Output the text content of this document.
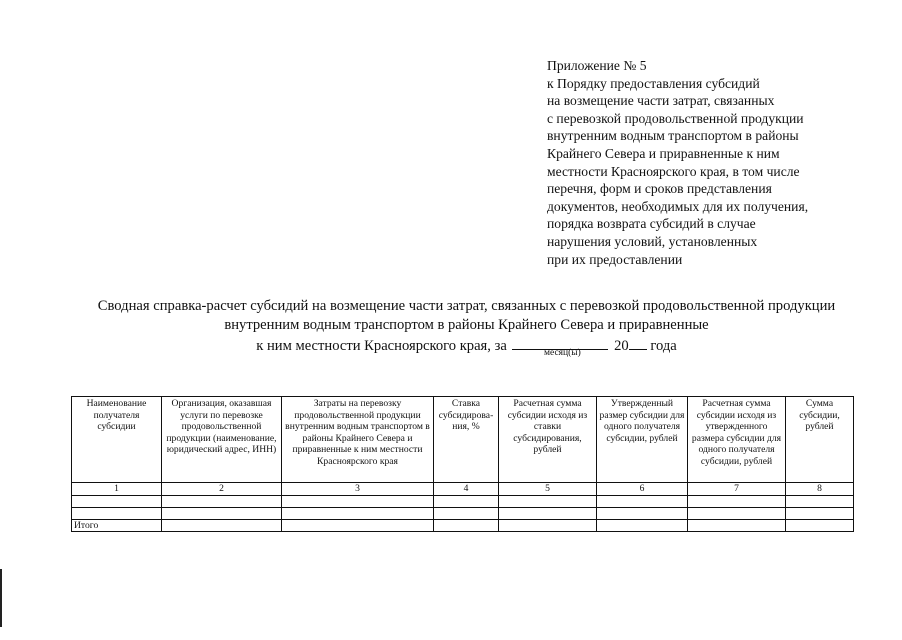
Приложение № 5
к Порядку предоставления субсидий
на возмещение части затрат, связанных
с перевозкой продовольственной продукции
внутренним водным транспортом в районы
Крайнего Севера и приравненные к ним
местности Красноярского края, в том числе
перечня, форм и сроков представления
документов, необходимых для их получения,
порядка возврата субсидий в случае
нарушения условий, установленных
при их предоставлении
Сводная справка-расчет субсидий на возмещение части затрат, связанных с перевозкой продовольственной продукции
внутренним водным транспортом в районы Крайнего Севера и приравненные
к ним местности Красноярского края, за	20 года
месяц(ы)
Наименование получателя субсидии	Организация, оказавшая услуги по перевозке продовольственной продукции (наименование, юридический адрес, ИНН)	Затраты на перевозку продовольственной продукции внутренним водным транспортом в районы Крайнего Севера и приравненные к ним местности Красноярского края	Ставка субсидирова-ния, %	Расчетная сумма субсидии исходя из ставки субсидирования, рублей	Утвержденный размер субсидии для одного получателя субсидии, рублей	Расчетная сумма субсидии исходя из утвержденного размера субсидии для одного получателя субсидии, рублей	Сумма субсидии, рублей
1	2	3	4	5	6	7	8

Итого							
